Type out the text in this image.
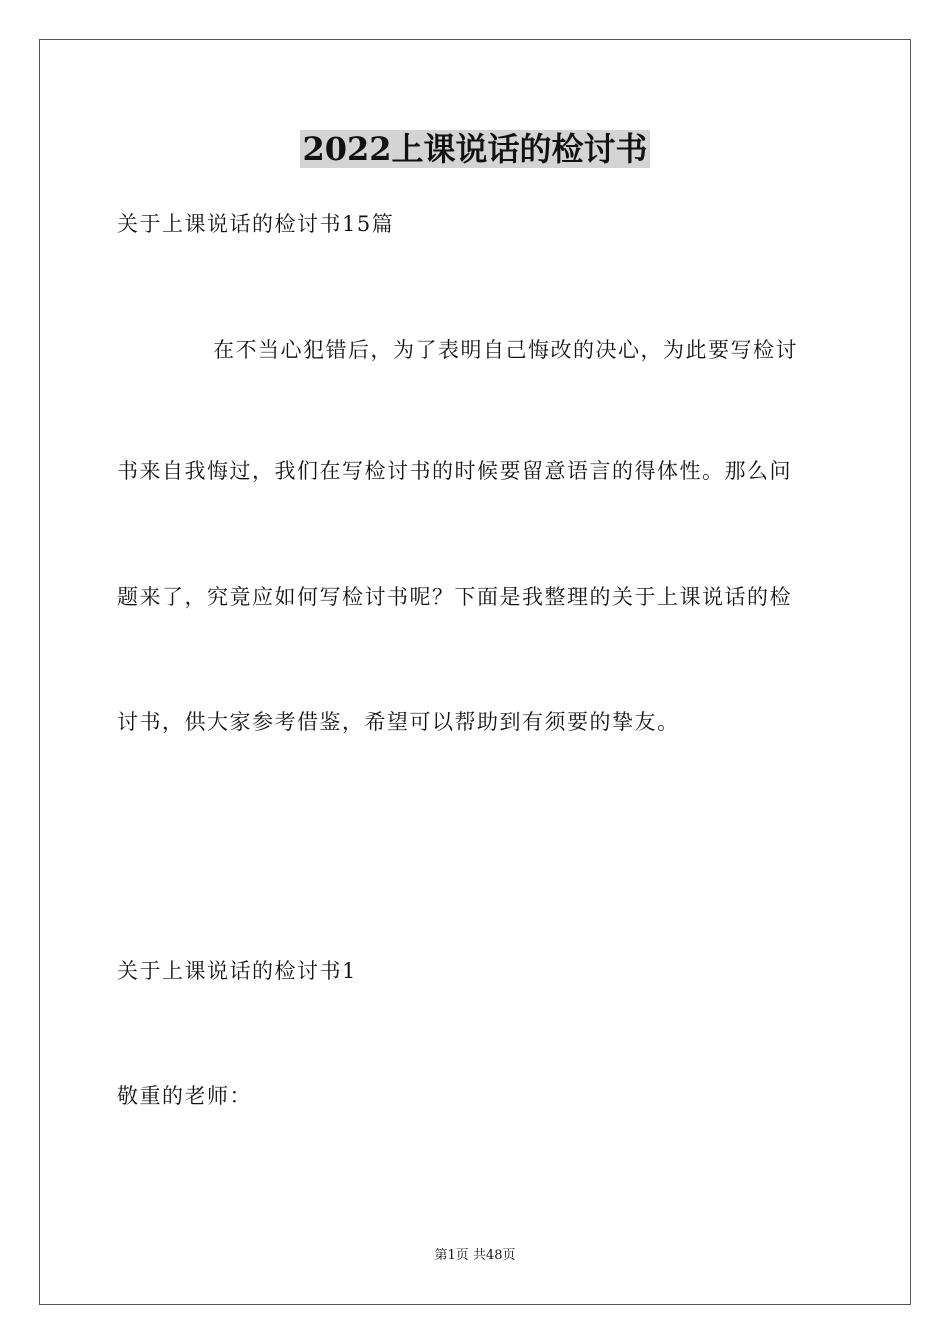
2022上课说话的检讨书
关于上课说话的检讨书15篇
在不当心犯错后，为了表明自己悔改的决心，为此要写检讨
书来自我悔过，我们在写检讨书的时候要留意语言的得体性。那么问
题来了，究竟应如何写检讨书呢？下面是我整理的关于上课说话的检
讨书，供大家参考借鉴，希望可以帮助到有须要的挚友。
关于上课说话的检讨书1
敬重的老师：
第1页 共48页
